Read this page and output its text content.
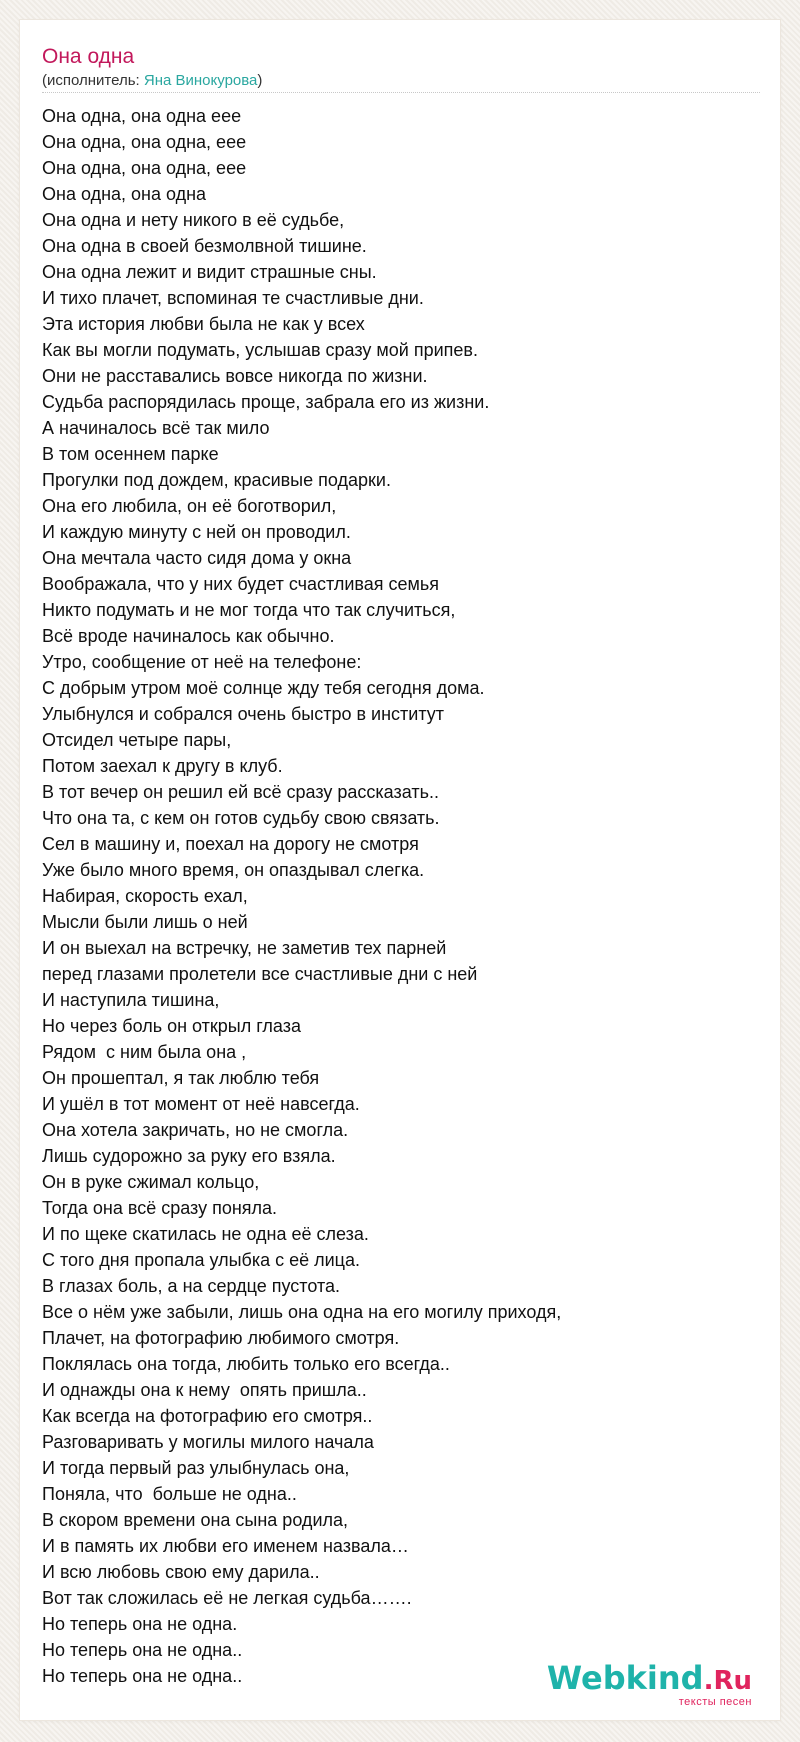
Она одна
(исполнитель: Яна Винокурова)
Она одна, она одна еее
Она одна, она одна, еее
Она одна, она одна, еее
Она одна, она одна
Она одна и нету никого в её судьбе,
Она одна в своей безмолвной тишине.
Она одна лежит и видит страшные сны.
И тихо плачет, вспоминая те счастливые дни.
Эта история любви была не как у всех
Как вы могли подумать, услышав сразу мой припев.
Они не расставались вовсе никогда по жизни.
Судьба распорядилась проще, забрала его из жизни.
А начиналось всё так мило
В том осеннем парке
Прогулки под дождем, красивые подарки.
Она его любила, он её боготворил,
И каждую минуту с ней он проводил.
Она мечтала часто сидя дома у окна
Воображала, что у них будет счастливая семья
Никто подумать и не мог тогда что так случиться,
Всё вроде начиналось как обычно.
Утро, сообщение от неё на телефоне:
С добрым утром моё солнце жду тебя сегодня дома.
Улыбнулся и собрался очень быстро в институт
Отсидел четыре пары,
Потом заехал к другу в клуб.
В тот вечер он решил ей всё сразу рассказать..
Что она та, с кем он готов судьбу свою связать.
Сел в машину и, поехал на дорогу не смотря
Уже было много время, он опаздывал слегка.
Набирая, скорость ехал,
Мысли были лишь о ней
И он выехал на встречку, не заметив тех парней
перед глазами пролетели все счастливые дни с ней
И наступила тишина,
Но через боль он открыл глаза
Рядом  с ним была она ,
Он прошептал, я так люблю тебя
И ушёл в тот момент от неё навсегда.
Она хотела закричать, но не смогла.
Лишь судорожно за руку его взяла.
Он в руке сжимал кольцо,
Тогда она всё сразу поняла.
И по щеке скатилась не одна её слеза.
С того дня пропала улыбка с её лица.
В глазах боль, а на сердце пустота.
Все о нём уже забыли, лишь она одна на его могилу приходя,
Плачет, на фотографию любимого смотря.
Поклялась она тогда, любить только его всегда..
И однажды она к нему  опять пришла..
Как всегда на фотографию его смотря..
Разговаривать у могилы милого начала
И тогда первый раз улыбнулась она,
Поняла, что  больше не одна..
В скором времени она сына родила,
И в память их любви его именем назвала…
И всю любовь свою ему дарила..
Вот так сложилась её не легкая судьба…….
Но теперь она не одна.
Но теперь она не одна..
Но теперь она не одна..	Webkind.Ru
тексты песен
